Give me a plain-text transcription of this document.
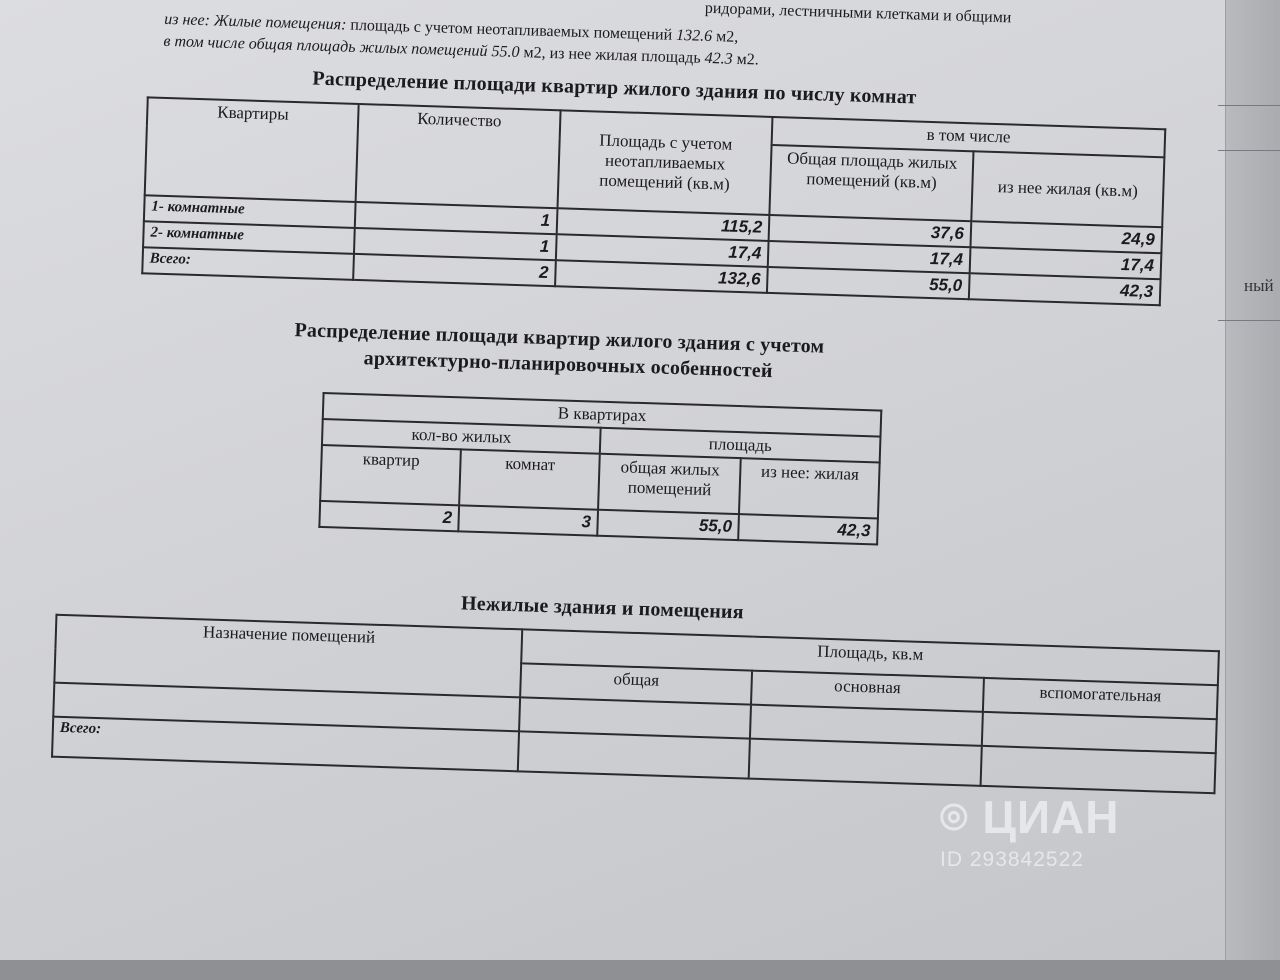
ный
ридорами, лестничными клетками и общими
из нее: Жилые помещения: площадь с учетом неотапливаемых помещений 132.6 м2,
в том числе общая площадь жилых помещений 55.0 м2, из нее жилая площадь 42.3 м2.
Распределение площади квартир жилого здания по числу комнат
Квартиры	Количество	Площадь с учетом неотапливаемых помещений (кв.м)	в том числе	
			Общая площадь жилых помещений (кв.м)	из нее жилая (кв.м)
1- комнатные	1	115,2	37,6	24,9
2- комнатные	1	17,4	17,4	17,4
Всего:	2	132,6	55,0	42,3
Распределение площади квартир жилого здания с учетом
архитектурно-планировочных особенностей
В квартирах			
кол-во жилых		площадь	
квартир	комнат	общая жилых помещений	из нее: жилая
2	3	55,0	42,3
Нежилые здания и помещения
Назначение помещений	Площадь, кв.м		
	общая	основная	вспомогательная

Всего:			
⌾ ЦИАН
ID 293842522
